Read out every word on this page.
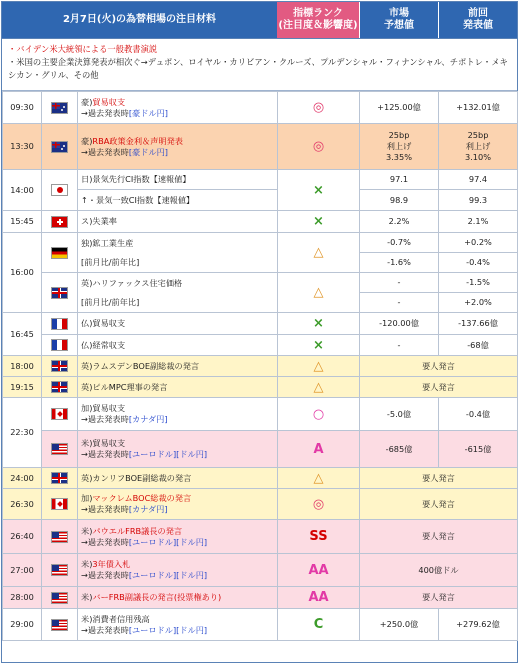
2月7日(火)の為替相場の注目材料
指標ランク
(注目度＆影響度)
市場
予想値
前回
発表値
・バイデン米大統領による一般教書演説
・米国の主要企業決算発表が相次ぐ→デュポン、ロイヤル・カリビアン・クルーズ、プルデンシャル・フィナンシャル、チポトレ・メキシカン・グリル、その他
09:30		豪)貿易収支
→過去発表時[豪ドル円]	◎	+125.00億	+132.01億
13:30		豪)RBA政策金利＆声明発表
→過去発表時[豪ドル円]	◎	25bp
利上げ
3.35%	25bp
利上げ
3.10%

14:00		日)景気先行CI指数【速報値】	×	97.1	97.4
		↑・景気一致CI指数【速報値】		98.9	99.3
15:45		ス)失業率	×	2.2%	2.1%
16:00		独)鉱工業生産
[前月比/前年比]	△	-0.7%	+0.2%
				-1.6%	-0.4%

		英)ハリファックス住宅価格
[前月比/前年比]	△	-	-1.5%
				-	+2.0%
16:45		仏)貿易収支	×	-120.00億	-137.66億
		仏)経常収支	×	-	-68億
18:00		英)ラムスデンBOE副総裁の発言	△	要人発言	
19:15		英)ピルMPC理事の発言	△	要人発言	
22:30		加)貿易収支
→過去発表時[カナダ円]	○	-5.0億	-0.4億

		米)貿易収支
→過去発表時[ユーロドル][ドル円]	A	-685億	-615億
24:00		英)カンリフBOE副総裁の発言	△	要人発言	
26:30		加)マックレムBOC総裁の発言
→過去発表時[カナダ円]	◎	要人発言	
26:40		米)パウエルFRB議長の発言
→過去発表時[ユーロドル][ドル円]	SS	要人発言	
27:00		米)3年債入札
→過去発表時[ユーロドル][ドル円]	AA	400億ドル	
28:00		米)バーFRB副議長の発言(投票権あり)	AA	要人発言	
29:00		米)消費者信用残高
→過去発表時[ユーロドル][ドル円]	C	+250.0億	+279.62億
